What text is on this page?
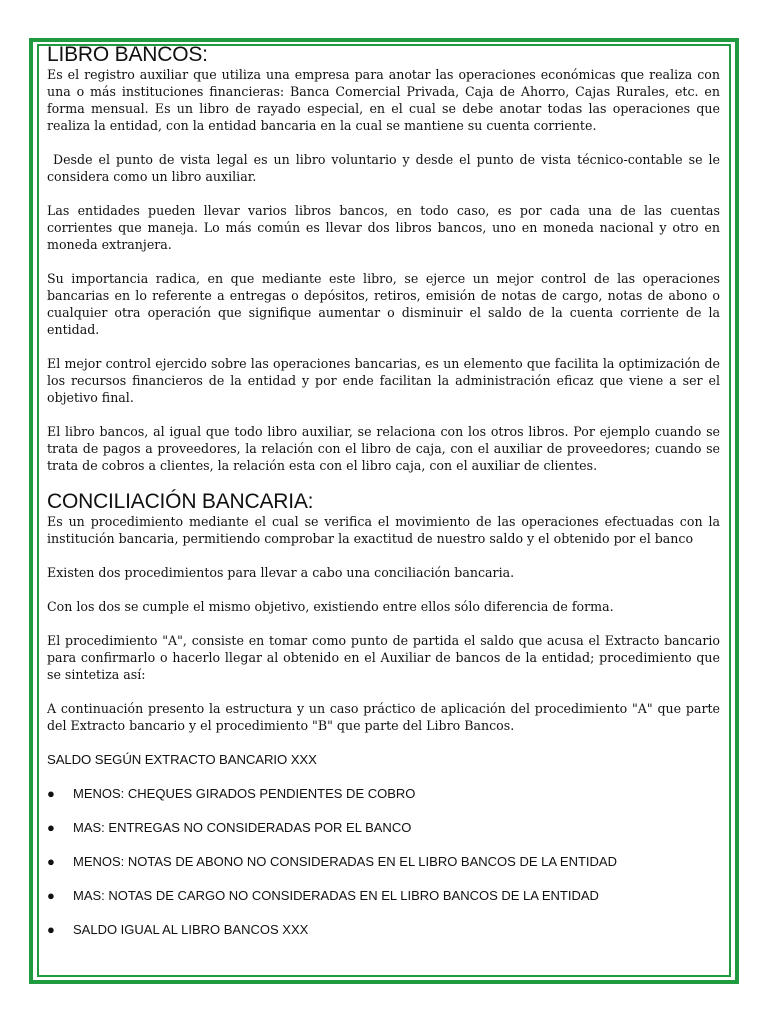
LIBRO BANCOS:

Es el registro auxiliar que utiliza una empresa para anotar las operaciones económicas que realiza con una o más instituciones financieras: Banca Comercial Privada, Caja de Ahorro, Cajas Rurales, etc. en forma mensual. Es un libro de rayado especial, en el cual se debe anotar todas las operaciones que realiza la entidad, con la entidad bancaria en la cual se mantiene su cuenta corriente.

Desde el punto de vista legal es un libro voluntario y desde el punto de vista técnico-contable se le considera como un libro auxiliar.

Las entidades pueden llevar varios libros bancos, en todo caso, es por cada una de las cuentas corrientes que maneja. Lo más común es llevar dos libros bancos, uno en moneda nacional y otro en moneda extranjera.

Su importancia radica, en que mediante este libro, se ejerce un mejor control de las operaciones bancarias en lo referente a entregas o depósitos, retiros, emisión de notas de cargo, notas de abono o cualquier otra operación que signifique aumentar o disminuir el saldo de la cuenta corriente de la entidad.

El mejor control ejercido sobre las operaciones bancarias, es un elemento que facilita la optimización de los recursos financieros de la entidad y por ende facilitan la administración eficaz que viene a ser el objetivo final.

El libro bancos, al igual que todo libro auxiliar, se relaciona con los otros libros. Por ejemplo cuando se trata de pagos a proveedores, la relación con el libro de caja, con el auxiliar de proveedores; cuando se trata de cobros a clientes, la relación esta con el libro caja, con el auxiliar de clientes.

CONCILIACIÓN BANCARIA:

Es un procedimiento mediante el cual se verifica el movimiento de las operaciones efectuadas con la institución bancaria, permitiendo comprobar la exactitud de nuestro saldo y el obtenido por el banco

Existen dos procedimientos para llevar a cabo una conciliación bancaria.

Con los dos se cumple el mismo objetivo, existiendo entre ellos sólo diferencia de forma.

El procedimiento "A", consiste en tomar como punto de partida el saldo que acusa el Extracto bancario para confirmarlo o hacerlo llegar al obtenido en el Auxiliar de bancos de la entidad; procedimiento que se sintetiza así:

A continuación presento la estructura y un caso práctico de aplicación del procedimiento "A" que parte del Extracto bancario y el procedimiento "B" que parte del Libro Bancos.

SALDO SEGÚN EXTRACTO BANCARIO XXX
● MENOS: CHEQUES GIRADOS PENDIENTES DE COBRO
● MAS: ENTREGAS NO CONSIDERADAS POR EL BANCO
● MENOS: NOTAS DE ABONO NO CONSIDERADAS EN EL LIBRO BANCOS DE LA ENTIDAD
● MAS: NOTAS DE CARGO NO CONSIDERADAS EN EL LIBRO BANCOS DE LA ENTIDAD
● SALDO IGUAL AL LIBRO BANCOS XXX
